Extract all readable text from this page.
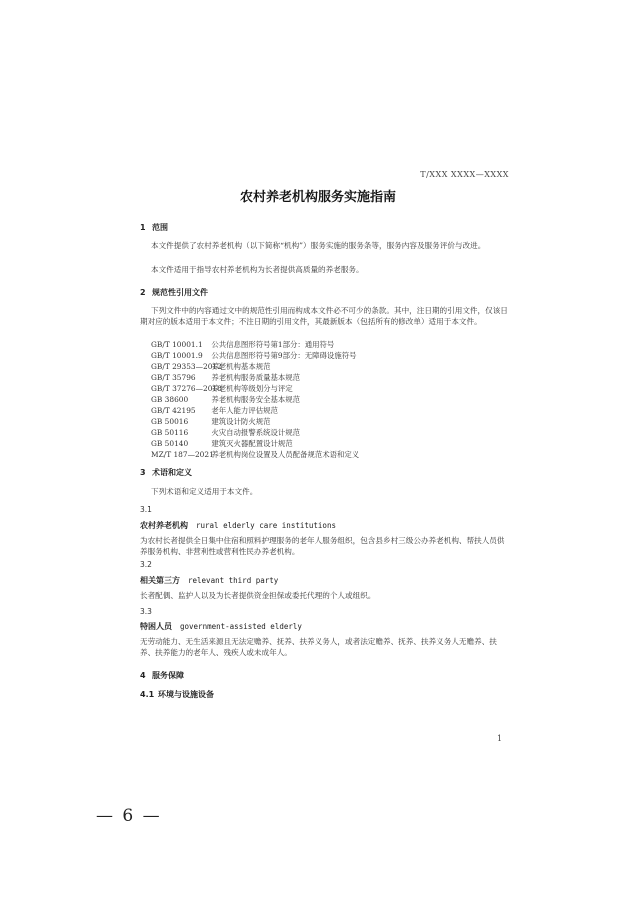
T/XXX XXXX—XXXX
农村养老机构服务实施指南
1 范围
本文件提供了农村养老机构（以下简称“机构”）服务实施的服务条等，服务内容及服务评价与改进。
本文件适用于指导农村养老机构为长者提供高质量的养老服务。
2 规范性引用文件
下列文件中的内容通过文中的规范性引用而构成本文件必不可少的条款。其中，注日期的引用文件，仅该日期对应的版本适用于本文件；不注日期的引用文件，其最新版本（包括所有的修改单）适用于本文件。
GB/T 10001.1 公共信息图形符号第1部分：通用符号
GB/T 10001.9 公共信息图形符号第9部分：无障碍设施符号
GB/T 29353—2012 养老机构基本规范
GB/T 35796 养老机构服务质量基本规范
GB/T 37276—2018 养老机构等级划分与评定
GB 38600	养老机构服务安全基本规范
GB/T 42195 老年人能力评估规范
GB 50016	建筑设计防火规范
GB 50116	火灾自动报警系统设计规范
GB 50140	建筑灭火器配置设计规范
MZ/T 187—2021 养老机构岗位设置及人员配备规范术语和定义
3 术语和定义
下列术语和定义适用于本文件。
3.1
农村养老机构 rural elderly care institutions
为农村长者提供全日集中住宿和照料护理服务的老年人服务组织，包含县乡村三级公办养老机构、帮扶人员供养服务机构、非营利性或营利性民办养老机构。
3.2
相关第三方 relevant third party
长者配偶、监护人以及为长者提供资金担保或委托代理的个人或组织。
3.3
特困人员 government-assisted elderly
无劳动能力、无生活来源且无法定赡养、抚养、扶养义务人，或者法定赡养、抚养、扶养义务人无赡养、扶养、扶养能力的老年人、残疾人或未成年人。
4 服务保障
4.1 环境与设施设备
1
— 6 —
